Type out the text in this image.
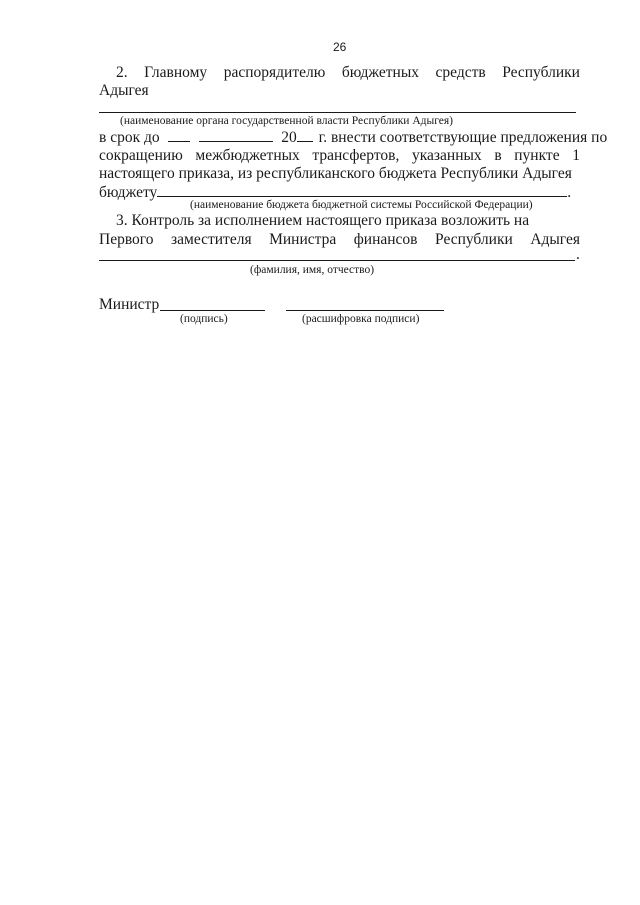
26
2. Главному распорядителю бюджетных средств Республики
Адыгея
(наименование органа государственной власти Республики Адыгея)
в срок до	20 г. внести соответствующие предложения по
сокращению межбюджетных трансфертов, указанных в пункте 1
настоящего приказа, из республиканского бюджета Республики Адыгея
бюджету	.
(наименование бюджета бюджетной системы Российской Федерации)
3. Контроль за исполнением настоящего приказа возложить на
Первого заместителя Министра финансов Республики Адыгея
.
(фамилия, имя, отчество)
Министр
(подпись)	(расшифровка подписи)
